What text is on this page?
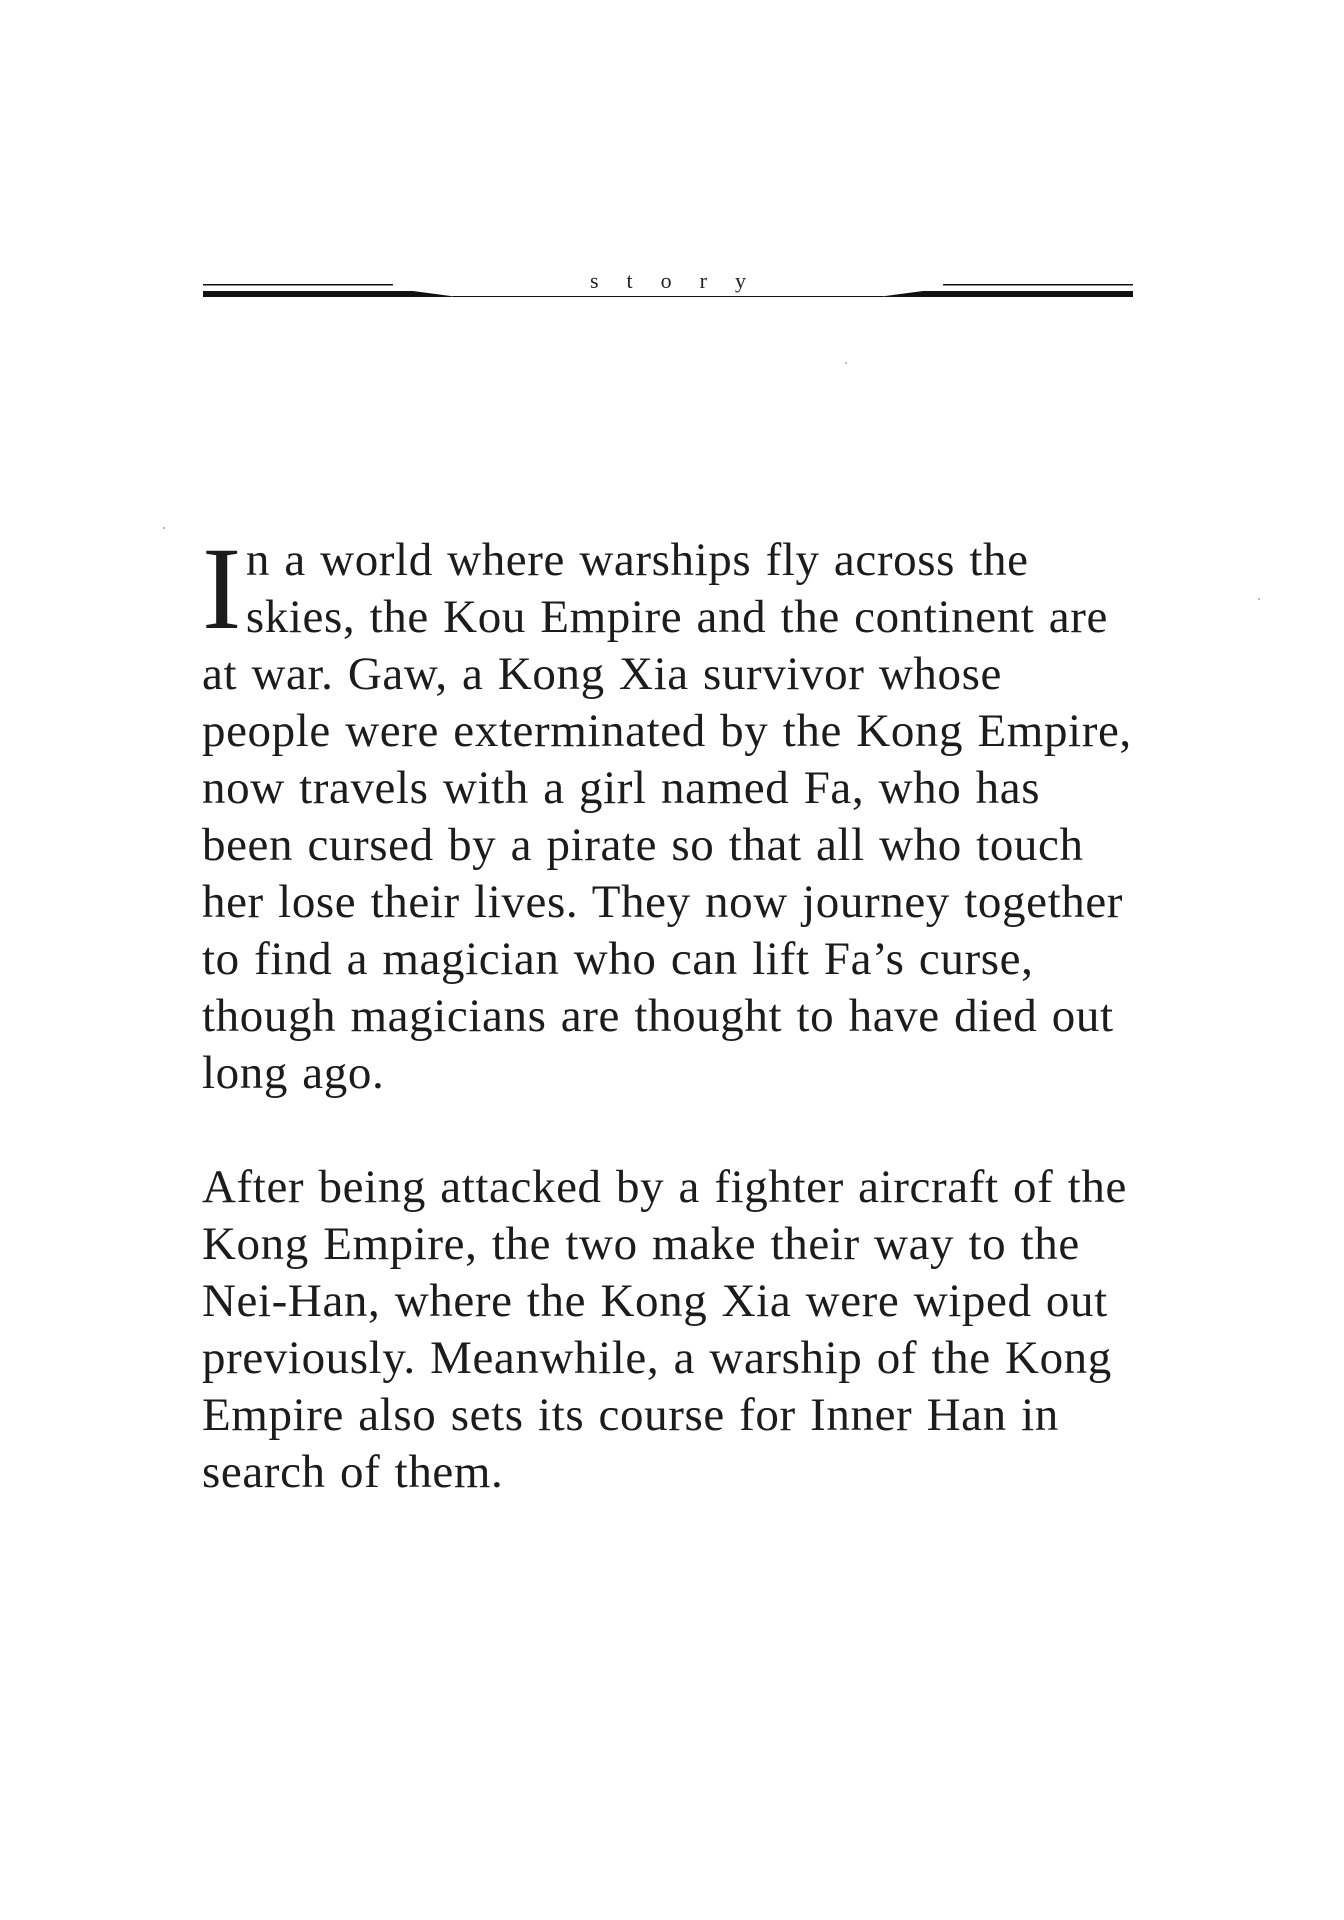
story

In a world where warships fly across the skies, the Kou Empire and the continent are at war. Gaw, a Kong Xia survivor whose people were exterminated by the Kong Empire, now travels with a girl named Fa, who has been cursed by a pirate so that all who touch her lose their lives. They now journey together to find a magician who can lift Fa’s curse, though magicians are thought to have died out long ago.

After being attacked by a fighter aircraft of the Kong Empire, the two make their way to the Nei-Han, where the Kong Xia were wiped out previously. Meanwhile, a warship of the Kong Empire also sets its course for Inner Han in search of them.
